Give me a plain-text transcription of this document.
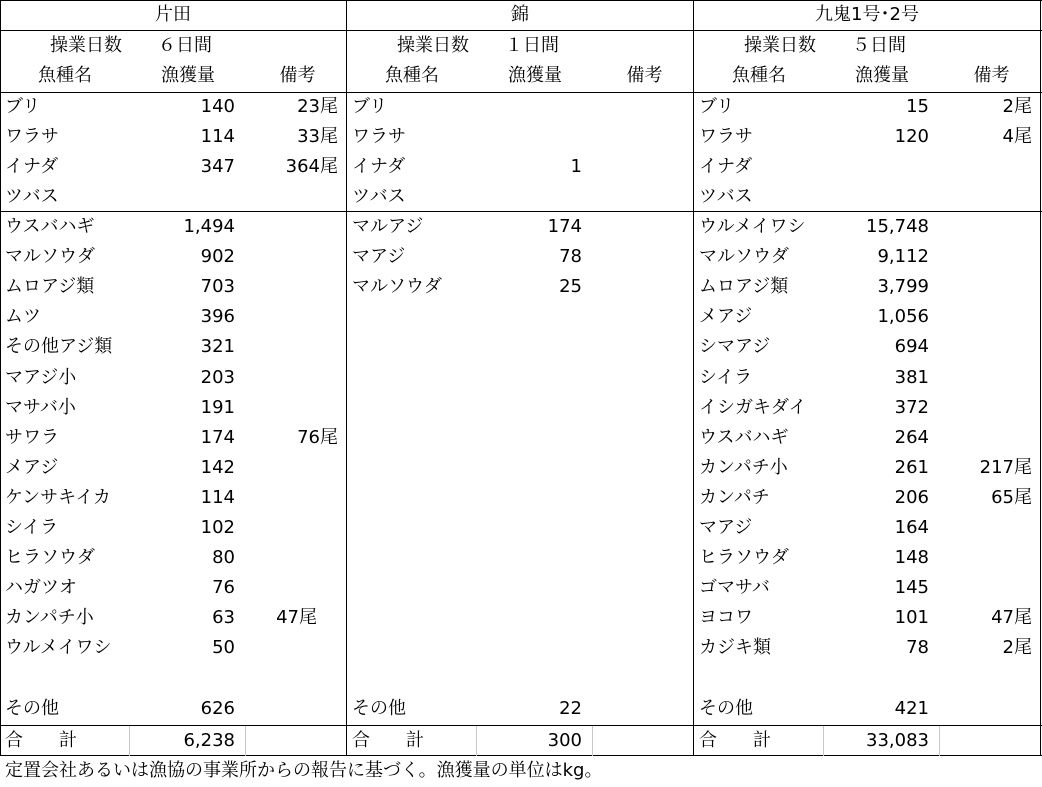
定置会社あるいは漁協の事業所からの報告に基づく。漁獲量の単位はkg。
片田
操業日数	６日間
魚種名	漁獲量	備考
ブリ	140	23尾
ワラサ	114	33尾
イナダ	347	364尾
ツバス
ウスバハギ	1,494
マルソウダ	902
ムロアジ類	703
ムツ	396
その他アジ類	321
マアジ小	203
マサバ小	191
サワラ	174	76尾
メアジ	142
ケンサキイカ	114
シイラ	102
ヒラソウダ	80
ハガツオ	76
カンパチ小	63	47尾
ウルメイワシ	50
その他	626
合　　計	6,238
錦
操業日数	１日間
魚種名	漁獲量	備考
ブリ
ワラサ
イナダ	1
ツバス
マルアジ	174
マアジ	78
マルソウダ	25
その他	22
合　　計	300
九鬼1号･2号
操業日数	５日間
魚種名	漁獲量	備考
ブリ	15	2尾
ワラサ	120	4尾
イナダ
ツバス
ウルメイワシ	15,748
マルソウダ	9,112
ムロアジ類	3,799
メアジ	1,056
シマアジ	694
シイラ	381
イシガキダイ	372
ウスバハギ	264
カンパチ小	261	217尾
カンパチ	206	65尾
マアジ	164
ヒラソウダ	148
ゴマサバ	145
ヨコワ	101	47尾
カジキ類	78	2尾
その他	421
合　　計	33,083
